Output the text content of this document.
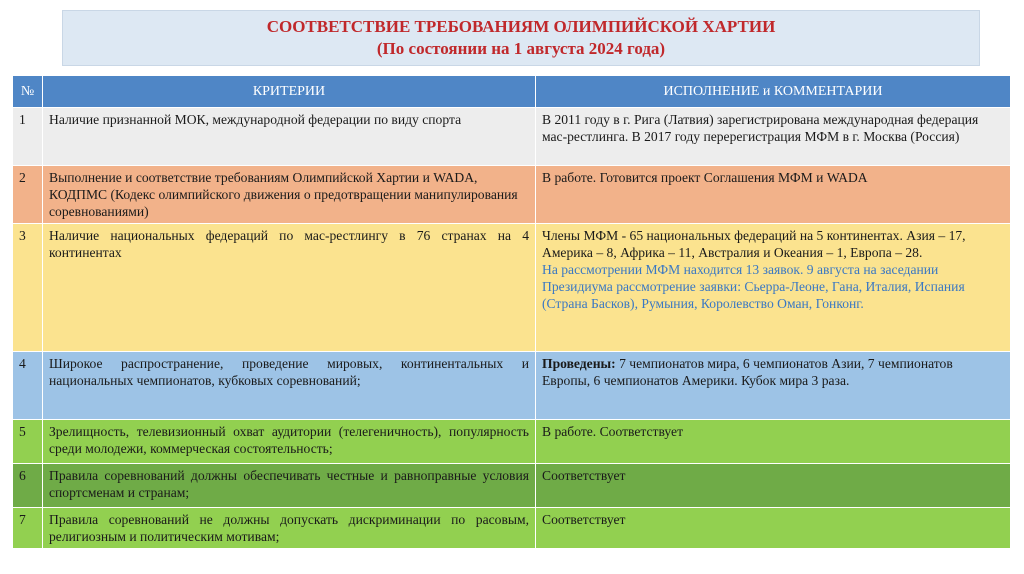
СООТВЕТСТВИЕ ТРЕБОВАНИЯМ ОЛИМПИЙСКОЙ ХАРТИИ
(По состоянии на 1 августа 2024 года)
№	КРИТЕРИИ	ИСПОЛНЕНИЕ и КОММЕНТАРИИ
1	Наличие признанной МОК, международной федерации по виду спорта	В 2011 году в г. Рига (Латвия) зарегистрирована международная федерация мас-рестлинга. В 2017 году перерегистрация МФМ в г. Москва (Россия)
2	Выполнение и соответствие требованиям Олимпийской Хартии и WADA, КОДПМС (Кодекс олимпийского движения о предотвращении манипулирования соревнованиями)	В работе. Готовится проект Соглашения МФМ и WADA
3	Наличие национальных федераций по мас-рестлингу в 76 странах на 4 континентах	Члены МФМ - 65 национальных федераций на 5 континентах. Азия – 17, Америка – 8, Африка – 11, Австралия и Океания – 1, Европа – 28.
На рассмотрении МФМ находится 13 заявок. 9 августа на заседании Президиума рассмотрение заявки: Сьерра-Леоне, Гана, Италия, Испания (Страна Басков), Румыния, Королевство Оман, Гонконг.

4	Широкое распространение, проведение мировых, континентальных и национальных чемпионатов, кубковых соревнований;	Проведены: 7 чемпионатов мира, 6 чемпионатов Азии, 7 чемпионатов Европы, 6 чемпионатов Америки. Кубок мира 3 раза.
5	Зрелищность, телевизионный охват аудитории (телегеничность), популярность среди молодежи, коммерческая состоятельность;	В работе. Соответствует
6	Правила соревнований должны обеспечивать честные и равноправные условия спортсменам и странам;	Соответствует
7	Правила соревнований не должны допускать дискриминации по расовым, религиозным и политическим мотивам;	Соответствует
